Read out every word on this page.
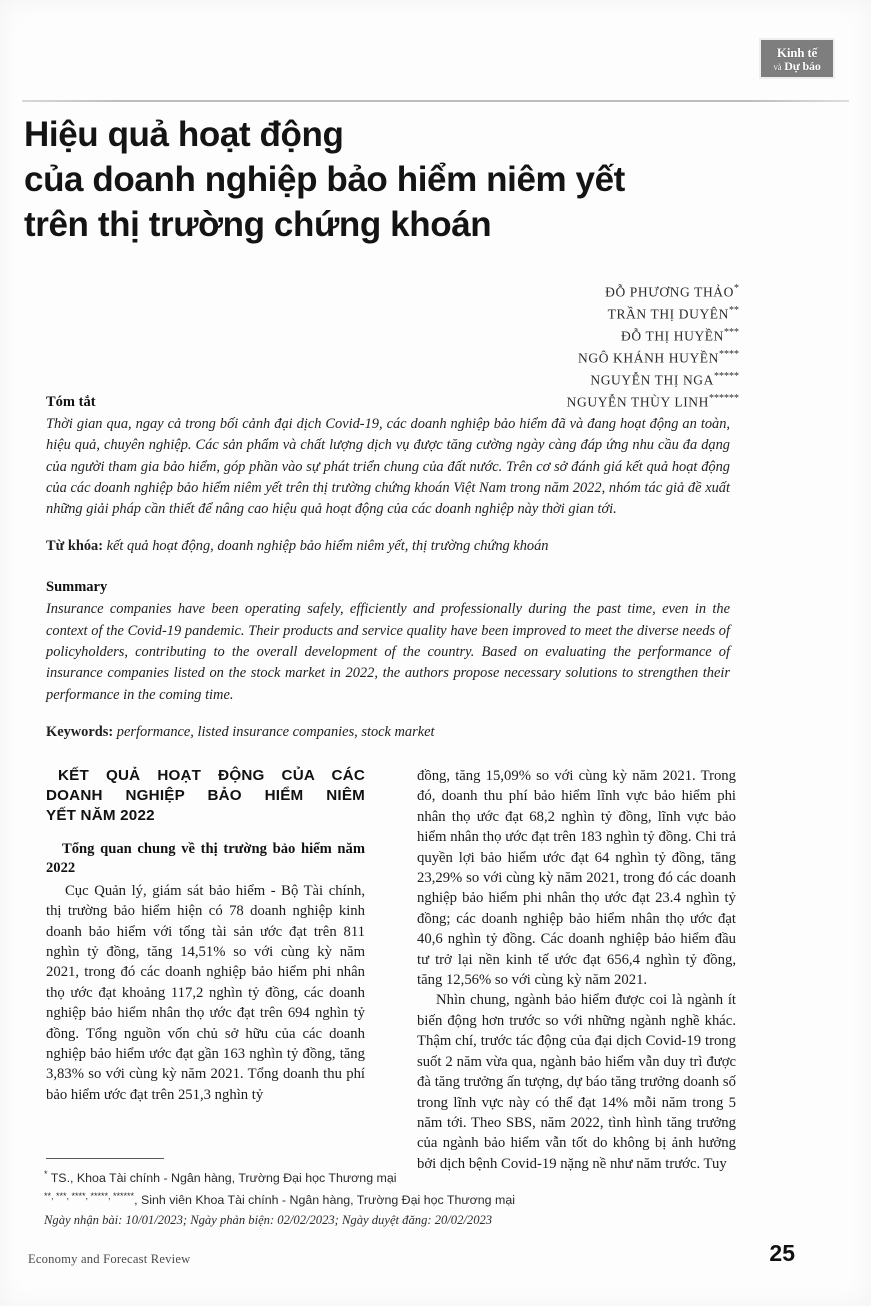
Kinh tế
và Dự báo
Hiệu quả hoạt động
của doanh nghiệp bảo hiểm niêm yết
trên thị trường chứng khoán
ĐỖ PHƯƠNG THẢO*
TRẦN THỊ DUYÊN**
ĐỖ THỊ HUYỀN***
NGÔ KHÁNH HUYỀN****
NGUYỄN THỊ NGA*****
NGUYỄN THÙY LINH******
Tóm tắt
Thời gian qua, ngay cả trong bối cảnh đại dịch Covid-19, các doanh nghiệp bảo hiểm đã và đang hoạt động an toàn, hiệu quả, chuyên nghiệp. Các sản phẩm và chất lượng dịch vụ được tăng cường ngày càng đáp ứng nhu cầu đa dạng của người tham gia bảo hiểm, góp phần vào sự phát triển chung của đất nước. Trên cơ sở đánh giá kết quả hoạt động của các doanh nghiệp bảo hiểm niêm yết trên thị trường chứng khoán Việt Nam trong năm 2022, nhóm tác giả đề xuất những giải pháp cần thiết để nâng cao hiệu quả hoạt động của các doanh nghiệp này thời gian tới.
Từ khóa: kết quả hoạt động, doanh nghiệp bảo hiểm niêm yết, thị trường chứng khoán
Summary
Insurance companies have been operating safely, efficiently and professionally during the past time, even in the context of the Covid-19 pandemic. Their products and service quality have been improved to meet the diverse needs of policyholders, contributing to the overall development of the country. Based on evaluating the performance of insurance companies listed on the stock market in 2022, the authors propose necessary solutions to strengthen their performance in the coming time.
Keywords: performance, listed insurance companies, stock market
KẾT QUẢ HOẠT ĐỘNG CỦA CÁC
DOANH NGHIỆP BẢO HIỂM NIÊM
YẾT NĂM 2022
Tổng quan chung về thị trường bảo hiểm năm 2022

Cục Quản lý, giám sát bảo hiểm - Bộ Tài chính, thị trường bảo hiểm hiện có 78 doanh nghiệp kinh doanh bảo hiểm với tổng tài sản ước đạt trên 811 nghìn tỷ đồng, tăng 14,51% so với cùng kỳ năm 2021, trong đó các doanh nghiệp bảo hiểm phi nhân thọ ước đạt khoảng 117,2 nghìn tỷ đồng, các doanh nghiệp bảo hiểm nhân thọ ước đạt trên 694 nghìn tỷ đồng. Tổng nguồn vốn chủ sở hữu của các doanh nghiệp bảo hiểm ước đạt gần 163 nghìn tỷ đồng, tăng 3,83% so với cùng kỳ năm 2021. Tổng doanh thu phí bảo hiểm ước đạt trên 251,3 nghìn tỷ

đồng, tăng 15,09% so với cùng kỳ năm 2021. Trong đó, doanh thu phí bảo hiểm lĩnh vực bảo hiểm phi nhân thọ ước đạt 68,2 nghìn tỷ đồng, lĩnh vực bảo hiểm nhân thọ ước đạt trên 183 nghìn tỷ đồng. Chi trả quyền lợi bảo hiểm ước đạt 64 nghìn tỷ đồng, tăng 23,29% so với cùng kỳ năm 2021, trong đó các doanh nghiệp bảo hiểm phi nhân thọ ước đạt 23.4 nghìn tỷ đồng; các doanh nghiệp bảo hiểm nhân thọ ước đạt 40,6 nghìn tỷ đồng. Các doanh nghiệp bảo hiểm đầu tư trở lại nền kinh tế ước đạt 656,4 nghìn tỷ đồng, tăng 12,56% so với cùng kỳ năm 2021.

Nhìn chung, ngành bảo hiểm được coi là ngành ít biến động hơn trước so với những ngành nghề khác. Thậm chí, trước tác động của đại dịch Covid-19 trong suốt 2 năm vừa qua, ngành bảo hiểm vẫn duy trì được đà tăng trưởng ấn tượng, dự báo tăng trưởng doanh số trong lĩnh vực này có thể đạt 14% mỗi năm trong 5 năm tới. Theo SBS, năm 2022, tình hình tăng trưởng của ngành bảo hiểm vẫn tốt do không bị ảnh hưởng bởi dịch bệnh Covid-19 nặng nề như năm trước. Tuy

* TS., Khoa Tài chính - Ngân hàng, Trường Đại học Thương mại
**, ***, ****, *****, ******, Sinh viên Khoa Tài chính - Ngân hàng, Trường Đại học Thương mại
Ngày nhận bài: 10/01/2023; Ngày phản biện: 02/02/2023; Ngày duyệt đăng: 20/02/2023
Economy and Forecast Review	25
